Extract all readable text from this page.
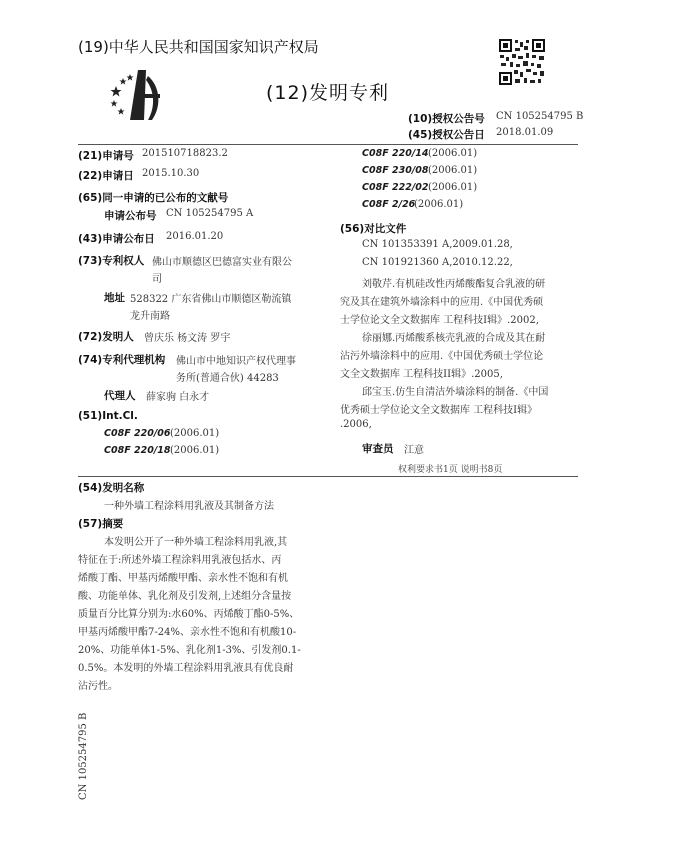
(19)中华人民共和国国家知识产权局
(12)发明专利
(10)授权公告号 CN 105254795 B
(45)授权公告日 2018.01.09
(21)申请号 201510718823.2
(22)申请日 2015.10.30
(65)同一申请的已公布的文献号
申请公布号 CN 105254795 A
(43)申请公布日 2016.01.20
(73)专利权人 佛山市顺德区巴德富实业有限公
司
地址 528322 广东省佛山市顺德区勒流镇
龙升南路
(72)发明人 曾庆乐 杨文涛 罗宇
(74)专利代理机构 佛山市中地知识产权代理事
务所(普通合伙) 44283
代理人 薛家驹 白永才
(51)Int.Cl.
C08F 220/06 (2006.01)
C08F 220/18 (2006.01)
C08F 220/14 (2006.01)
C08F 230/08 (2006.01)
C08F 222/02 (2006.01)
C08F 2/26
(2006.01)
(56)对比文件
CN 101353391 A,2009.01.28,
CN 101921360 A,2010.12.22,
刘敬芹.有机硅改性丙烯酸酯复合乳液的研
究及其在建筑外墙涂料中的应用.《中国优秀硕
士学位论文全文数据库 工程科技I辑》.2002,
徐丽娜.丙烯酸系核壳乳液的合成及其在耐
沾污外墙涂料中的应用.《中国优秀硕士学位论
文全文数据库 工程科技II辑》.2005,
邱宝玉.仿生自清洁外墙涂料的制备.《中国
优秀硕士学位论文全文数据库 工程科技I辑》
.2006,
审查员 江意
权利要求书1页 说明书8页
(54)发明名称
一种外墙工程涂料用乳液及其制备方法
(57)摘要
本发明公开了一种外墙工程涂料用乳液,其
特征在于:所述外墙工程涂料用乳液包括水、丙
烯酸丁酯、甲基丙烯酸甲酯、亲水性不饱和有机
酸、功能单体、乳化剂及引发剂,上述组分含量按
质量百分比算分别为:水60%、丙烯酸丁酯0-5%、
甲基丙烯酸甲酯7-24%、亲水性不饱和有机酸10-
20%、功能单体1-5%、乳化剂1-3%、引发剂0.1-
0.5%。本发明的外墙工程涂料用乳液具有优良耐
沾污性。
CN 105254795 B
